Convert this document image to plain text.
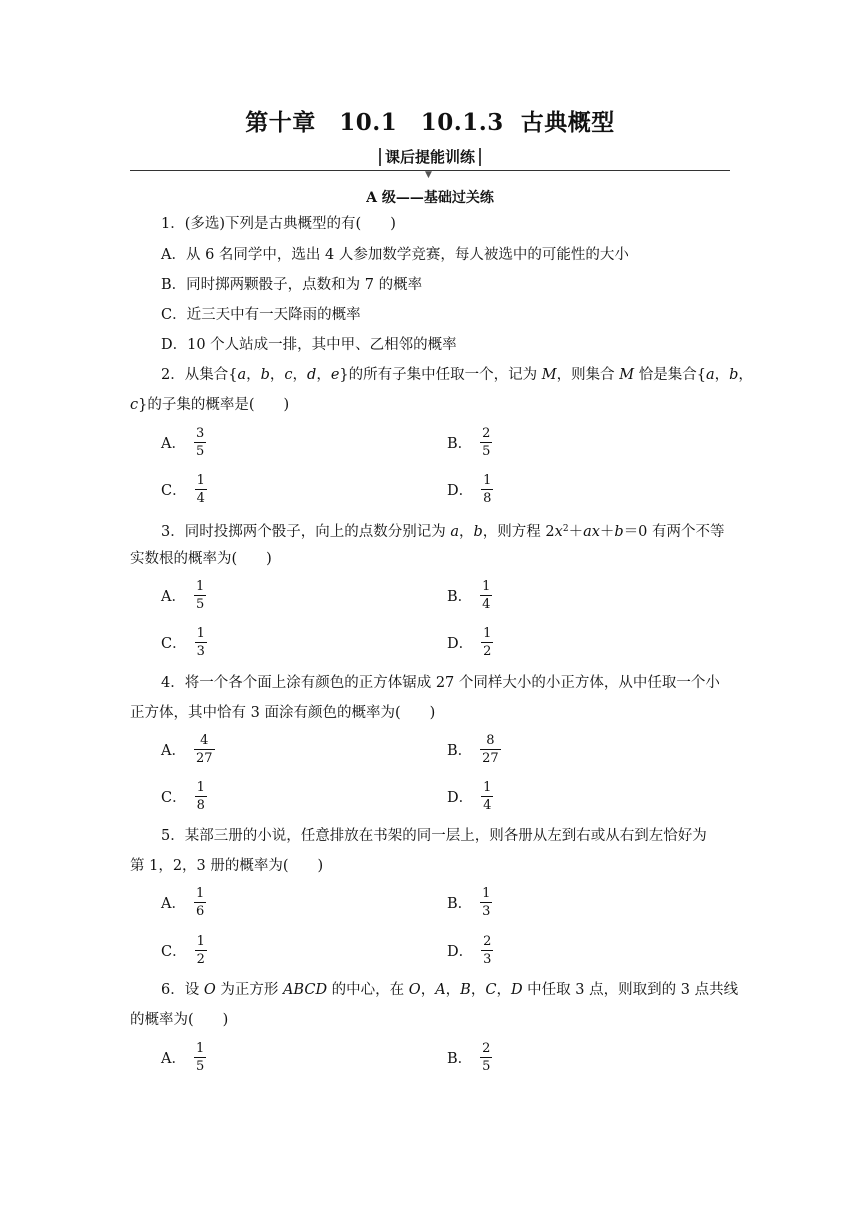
第十章　10.1　10.1.3  古典概型
课后提能训练
▼
A 级——基础过关练
1．(多选)下列是古典概型的有(　　)
A．从 6 名同学中，选出 4 人参加数学竞赛，每人被选中的可能性的大小
B．同时掷两颗骰子，点数和为 7 的概率
C．近三天中有一天降雨的概率
D．10 个人站成一排，其中甲、乙相邻的概率
2．从集合{a，b，c，d，e}的所有子集中任取一个，记为 M，则集合 M 恰是集合{a，b，
c}的子集的概率是(　　)
A． $\frac{3}{5}$	B． $\frac{2}{5}$
C． $\frac{1}{4}$	D． $\frac{1}{8}$
3．同时投掷两个骰子，向上的点数分别记为 a，b，则方程 $2x^2+ax+b=0$ 有两个不等
实数根的概率为(　　)
A． $\frac{1}{5}$	B． $\frac{1}{4}$
C． $\frac{1}{3}$	D． $\frac{1}{2}$
4．将一个各个面上涂有颜色的正方体锯成 27 个同样大小的小正方体，从中任取一个小
正方体，其中恰有 3 面涂有颜色的概率为(　　)
A． $\frac{4}{27}$	B． $\frac{8}{27}$
C． $\frac{1}{8}$	D． $\frac{1}{4}$
5．某部三册的小说，任意排放在书架的同一层上，则各册从左到右或从右到左恰好为
第 1，2，3 册的概率为(　　)
A． $\frac{1}{6}$	B． $\frac{1}{3}$
C． $\frac{1}{2}$	D． $\frac{2}{3}$
6．设 O 为正方形 ABCD 的中心，在 O，A，B，C，D 中任取 3 点，则取到的 3 点共线
的概率为(　　)
A． $\frac{1}{5}$	B． $\frac{2}{5}$
